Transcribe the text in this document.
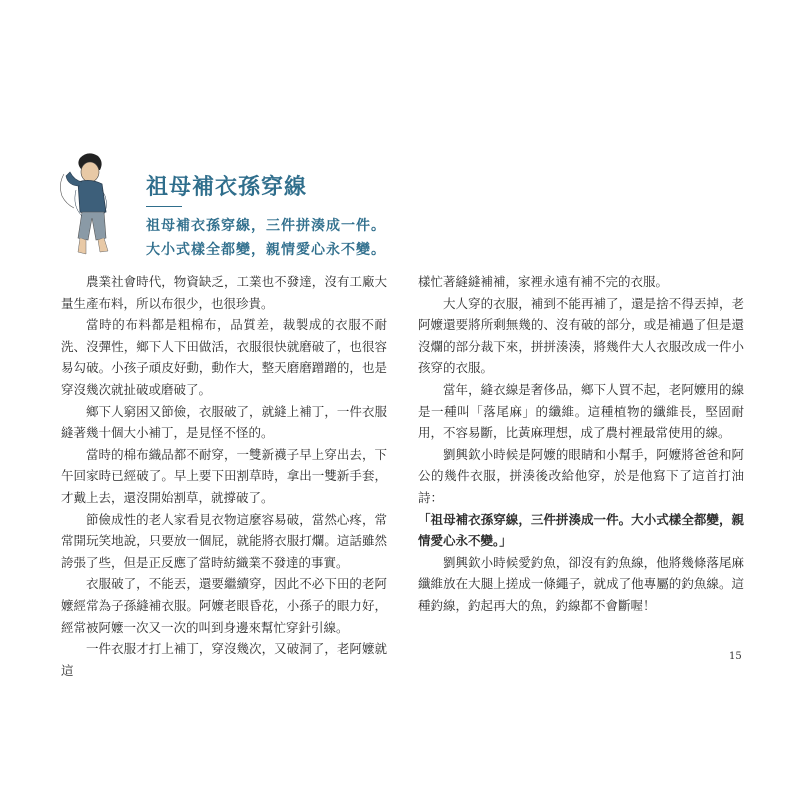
祖母補衣孫穿線
祖母補衣孫穿線，三件拼湊成一件。
大小式樣全都變，親情愛心永不變。

農業社會時代，物資缺乏，工業也不發達，沒有工廠大量生產布料，所以布很少，也很珍貴。

當時的布料都是粗棉布，品質差，裁製成的衣服不耐洗、沒彈性，鄉下人下田做活，衣服很快就磨破了，也很容易勾破。小孩子頑皮好動，動作大，整天磨磨蹭蹭的，也是穿沒幾次就扯破或磨破了。

鄉下人窮困又節儉，衣服破了，就縫上補丁，一件衣服縫著幾十個大小補丁，是見怪不怪的。

當時的棉布織品都不耐穿，一雙新襪子早上穿出去，下午回家時已經破了。早上要下田割草時，拿出一雙新手套，才戴上去，還沒開始割草，就撐破了。

節儉成性的老人家看見衣物這麼容易破，當然心疼，常常開玩笑地說，只要放一個屁，就能將衣服打爛。這話雖然誇張了些，但是正反應了當時紡織業不發達的事實。

衣服破了，不能丟，還要繼續穿，因此不必下田的老阿嬤經常為子孫縫補衣服。阿嬤老眼昏花，小孫子的眼力好，經常被阿嬤一次又一次的叫到身邊來幫忙穿針引線。

一件衣服才打上補丁，穿沒幾次，又破洞了，老阿嬤就這

樣忙著縫縫補補，家裡永遠有補不完的衣服。

大人穿的衣服，補到不能再補了，還是捨不得丟掉，老阿嬤還要將所剩無幾的、沒有破的部分，或是補過了但是還沒爛的部分裁下來，拼拼湊湊，將幾件大人衣服改成一件小孩穿的衣服。

當年，縫衣線是奢侈品，鄉下人買不起，老阿嬤用的線是一種叫「落尾麻」的纖維。這種植物的纖維長，堅固耐用，不容易斷，比黃麻理想，成了農村裡最常使用的線。

劉興欽小時候是阿嬤的眼睛和小幫手，阿嬤將爸爸和阿公的幾件衣服，拼湊後改給他穿，於是他寫下了這首打油詩：

「祖母補衣孫穿線，三件拼湊成一件。大小式樣全都變，親情愛心永不變。」

劉興欽小時候愛釣魚，卻沒有釣魚線，他將幾條落尾麻纖維放在大腿上搓成一條繩子，就成了他專屬的釣魚線。這種釣線，釣起再大的魚，釣線都不會斷喔！

15
